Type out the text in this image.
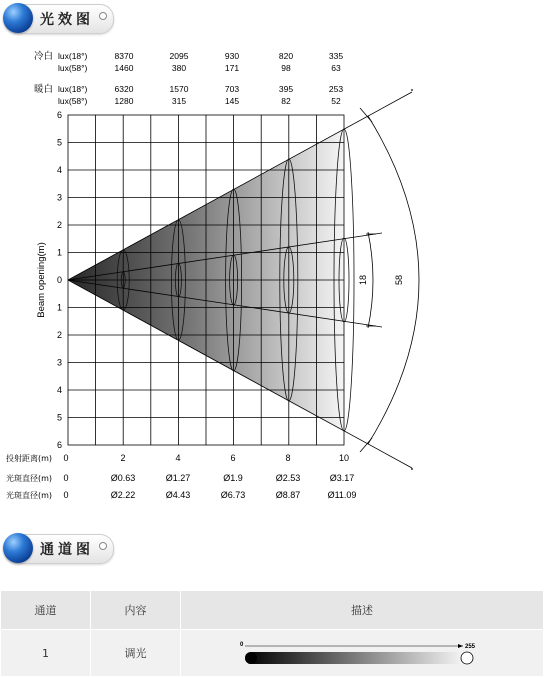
光效图
冷白 lux(18°)	8370	2095	930	820	335
lux(58°)	1460	380	171	98	63
暖白 lux(18°)	6320	1570	703	395	253
lux(58°)	1280	315	145	82	52
18	58
Beam opening(m)
6
5
4
3
2
1
0
1
2
3
4
5
6
投射距离(m) 0	2	4	6	8	10
光斑直径(m) 0	Ø0.63	Ø1.27	Ø1.9	Ø2.53	Ø3.17
光斑直径(m) 0	Ø2.22	Ø4.43	Ø6.73	Ø8.87	Ø11.09
通道图
通道	内容	描述
1	调光	0 255
